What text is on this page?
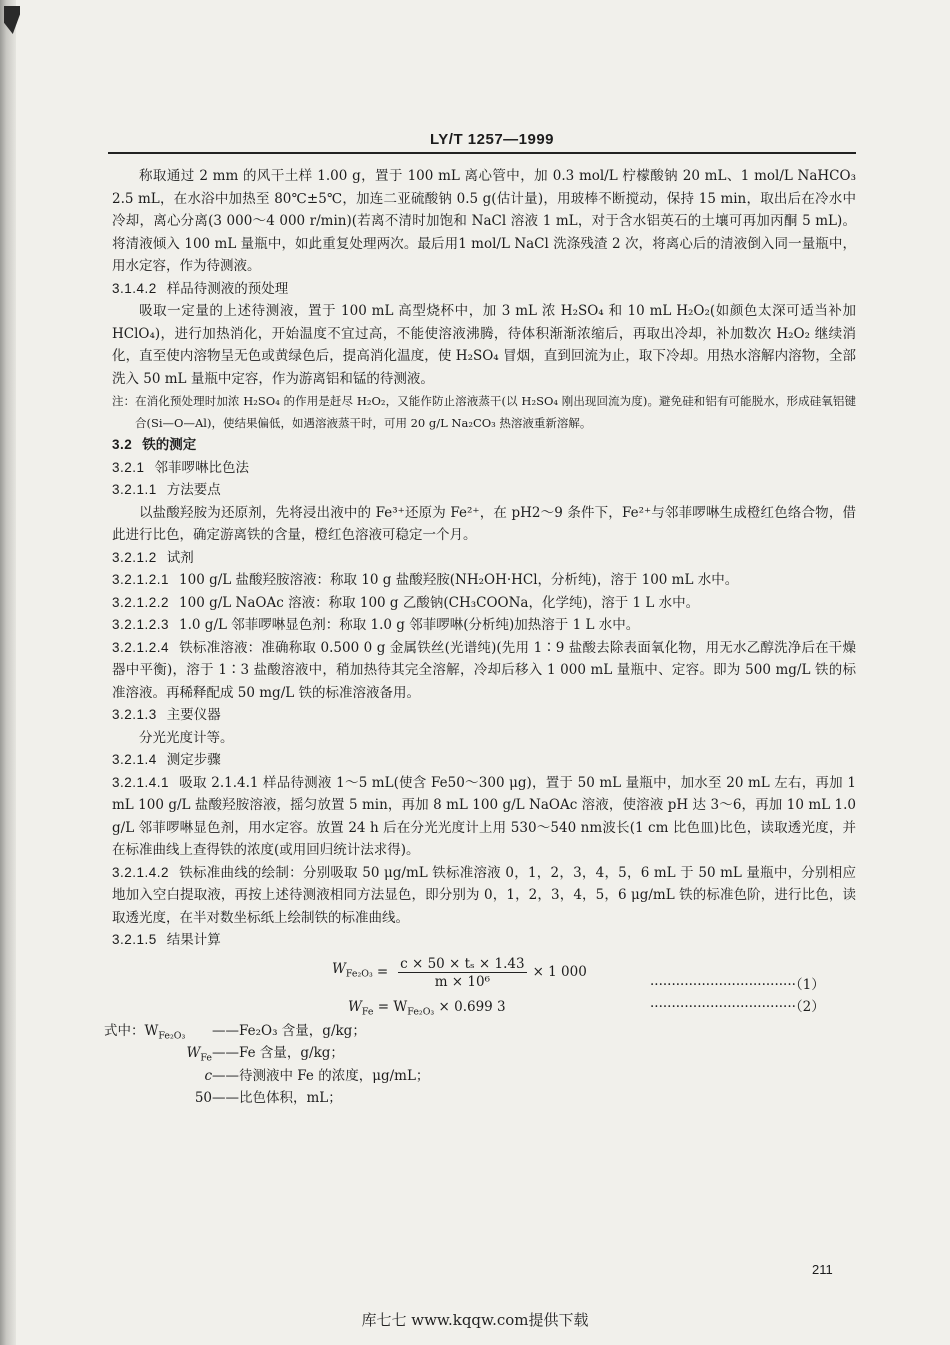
LY/T 1257—1999

称取通过 2 mm 的风干土样 1.00 g，置于 100 mL 离心管中，加 0.3 mol/L 柠檬酸钠 20 mL、1 mol/L NaHCO₃ 2.5 mL，在水浴中加热至 80℃±5℃，加连二亚硫酸钠 0.5 g(估计量)，用玻棒不断搅动，保持 15 min，取出后在冷水中冷却，离心分离(3 000～4 000 r/min)(若离不清时加饱和 NaCl 溶液 1 mL，对于含水铝英石的土壤可再加丙酮 5 mL)。将清液倾入 100 mL 量瓶中，如此重复处理两次。最后用1 mol/L NaCl 洗涤残渣 2 次，将离心后的清液倒入同一量瓶中，用水定容，作为待测液。

3.1.4.2 样品待测液的预处理

吸取一定量的上述待测液，置于 100 mL 高型烧杯中，加 3 mL 浓 H₂SO₄ 和 10 mL H₂O₂(如颜色太深可适当补加 HClO₄)，进行加热消化，开始温度不宜过高，不能使溶液沸腾，待体积渐渐浓缩后，再取出冷却，补加数次 H₂O₂ 继续消化，直至使内溶物呈无色或黄绿色后，提高消化温度，使 H₂SO₄ 冒烟，直到回流为止，取下冷却。用热水溶解内溶物，全部洗入 50 mL 量瓶中定容，作为游离铝和锰的待测液。

注：在消化预处理时加浓 H₂SO₄ 的作用是赶尽 H₂O₂，又能作防止溶液蒸干(以 H₂SO₄ 刚出现回流为度)。避免硅和铝有可能脱水，形成硅氧铝键合(Si—O—Al)，使结果偏低，如遇溶液蒸干时，可用 20 g/L Na₂CO₃ 热溶液重新溶解。

3.2 铁的测定

3.2.1 邻菲啰啉比色法

3.2.1.1 方法要点

以盐酸羟胺为还原剂，先将浸出液中的 Fe³⁺还原为 Fe²⁺，在 pH2～9 条件下，Fe²⁺与邻菲啰啉生成橙红色络合物，借此进行比色，确定游离铁的含量，橙红色溶液可稳定一个月。

3.2.1.2 试剂

3.2.1.2.1 100 g/L 盐酸羟胺溶液：称取 10 g 盐酸羟胺(NH₂OH·HCl，分析纯)，溶于 100 mL 水中。

3.2.1.2.2 100 g/L NaOAc 溶液：称取 100 g 乙酸钠(CH₃COONa，化学纯)，溶于 1 L 水中。

3.2.1.2.3 1.0 g/L 邻菲啰啉显色剂：称取 1.0 g 邻菲啰啉(分析纯)加热溶于 1 L 水中。

3.2.1.2.4 铁标准溶液：准确称取 0.500 0 g 金属铁丝(光谱纯)(先用 1∶9 盐酸去除表面氧化物，用无水乙醇洗净后在干燥器中平衡)，溶于 1∶3 盐酸溶液中，稍加热待其完全溶解，冷却后移入 1 000 mL 量瓶中、定容。即为 500 mg/L 铁的标准溶液。再稀释配成 50 mg/L 铁的标准溶液备用。

3.2.1.3 主要仪器

分光光度计等。

3.2.1.4 测定步骤

3.2.1.4.1 吸取 2.1.4.1 样品待测液 1～5 mL(使含 Fe50～300 μg)，置于 50 mL 量瓶中，加水至 20 mL 左右，再加 1 mL 100 g/L 盐酸羟胺溶液，摇匀放置 5 min，再加 8 mL 100 g/L NaOAc 溶液，使溶液 pH 达 3～6，再加 10 mL 1.0 g/L 邻菲啰啉显色剂，用水定容。放置 24 h 后在分光光度计上用 530～540 nm波长(1 cm 比色皿)比色，读取透光度，并在标准曲线上查得铁的浓度(或用回归统计法求得)。

3.2.1.4.2 铁标准曲线的绘制：分别吸取 50 μg/mL 铁标准溶液 0，1，2，3，4，5，6 mL 于 50 mL 量瓶中，分别相应地加入空白提取液，再按上述待测液相同方法显色，即分别为 0，1，2，3，4，5，6 μg/mL 铁的标准色阶，进行比色，读取透光度，在半对数坐标纸上绘制铁的标准曲线。

3.2.1.5 结果计算

$W_{Fe_2O_3} = \frac{\text{c × 50 × tₛ × 1.43}}{\text{m × 10⁶}} \times 1$ 000
··································（1）
$W_{Fe} = W_{Fe_2O_3} \times 0.699$ 3	··································（2）
式中：$W_{Fe_2O_3}$	——Fe₂O₃ 含量，g/kg；
$W_{Fe}$ ——Fe 含量，g/kg；
c ——待测液中 Fe 的浓度，μg/mL；
50 ——比色体积，mL；
211
库七七 www.kqqw.com提供下载
